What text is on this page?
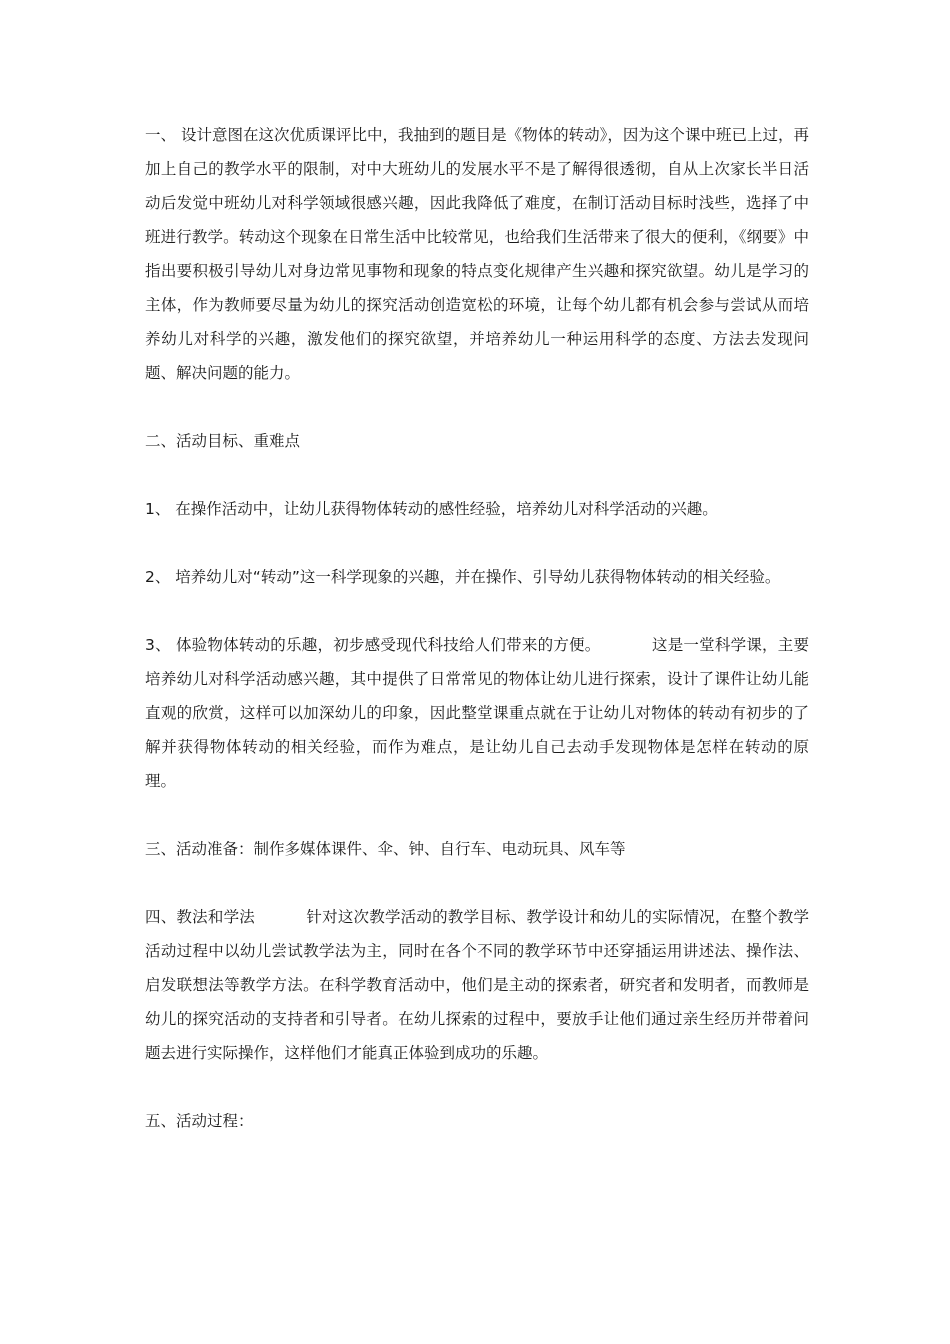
一、 设计意图在这次优质课评比中，我抽到的题目是《物体的转动》，因为这个课中班已上过，再加上自己的教学水平的限制，对中大班幼儿的发展水平不是了解得很透彻，自从上次家长半日活动后发觉中班幼儿对科学领域很感兴趣，因此我降低了难度，在制订活动目标时浅些，选择了中班进行教学。转动这个现象在日常生活中比较常见，也给我们生活带来了很大的便利，《纲要》中指出要积极引导幼儿对身边常见事物和现象的特点变化规律产生兴趣和探究欲望。幼儿是学习的主体，作为教师要尽量为幼儿的探究活动创造宽松的环境，让每个幼儿都有机会参与尝试从而培养幼儿对科学的兴趣，激发他们的探究欲望，并培养幼儿一种运用科学的态度、方法去发现问题、解决问题的能力。

二、活动目标、重难点

1、 在操作活动中，让幼儿获得物体转动的感性经验，培养幼儿对科学活动的兴趣。

2、 培养幼儿对“转动”这一科学现象的兴趣，并在操作、引导幼儿获得物体转动的相关经验。

3、 体验物体转动的乐趣，初步感受现代科技给人们带来的方便。          这是一堂科学课，主要培养幼儿对科学活动感兴趣，其中提供了日常常见的物体让幼儿进行探索，设计了课件让幼儿能直观的欣赏，这样可以加深幼儿的印象，因此整堂课重点就在于让幼儿对物体的转动有初步的了解并获得物体转动的相关经验，而作为难点，是让幼儿自己去动手发现物体是怎样在转动的原理。

三、活动准备：制作多媒体课件、伞、钟、自行车、电动玩具、风车等

四、教法和学法          针对这次教学活动的教学目标、教学设计和幼儿的实际情况，在整个教学活动过程中以幼儿尝试教学法为主，同时在各个不同的教学环节中还穿插运用讲述法、操作法、启发联想法等教学方法。在科学教育活动中，他们是主动的探索者，研究者和发明者，而教师是幼儿的探究活动的支持者和引导者。在幼儿探索的过程中，要放手让他们通过亲生经历并带着问题去进行实际操作，这样他们才能真正体验到成功的乐趣。

五、活动过程：
